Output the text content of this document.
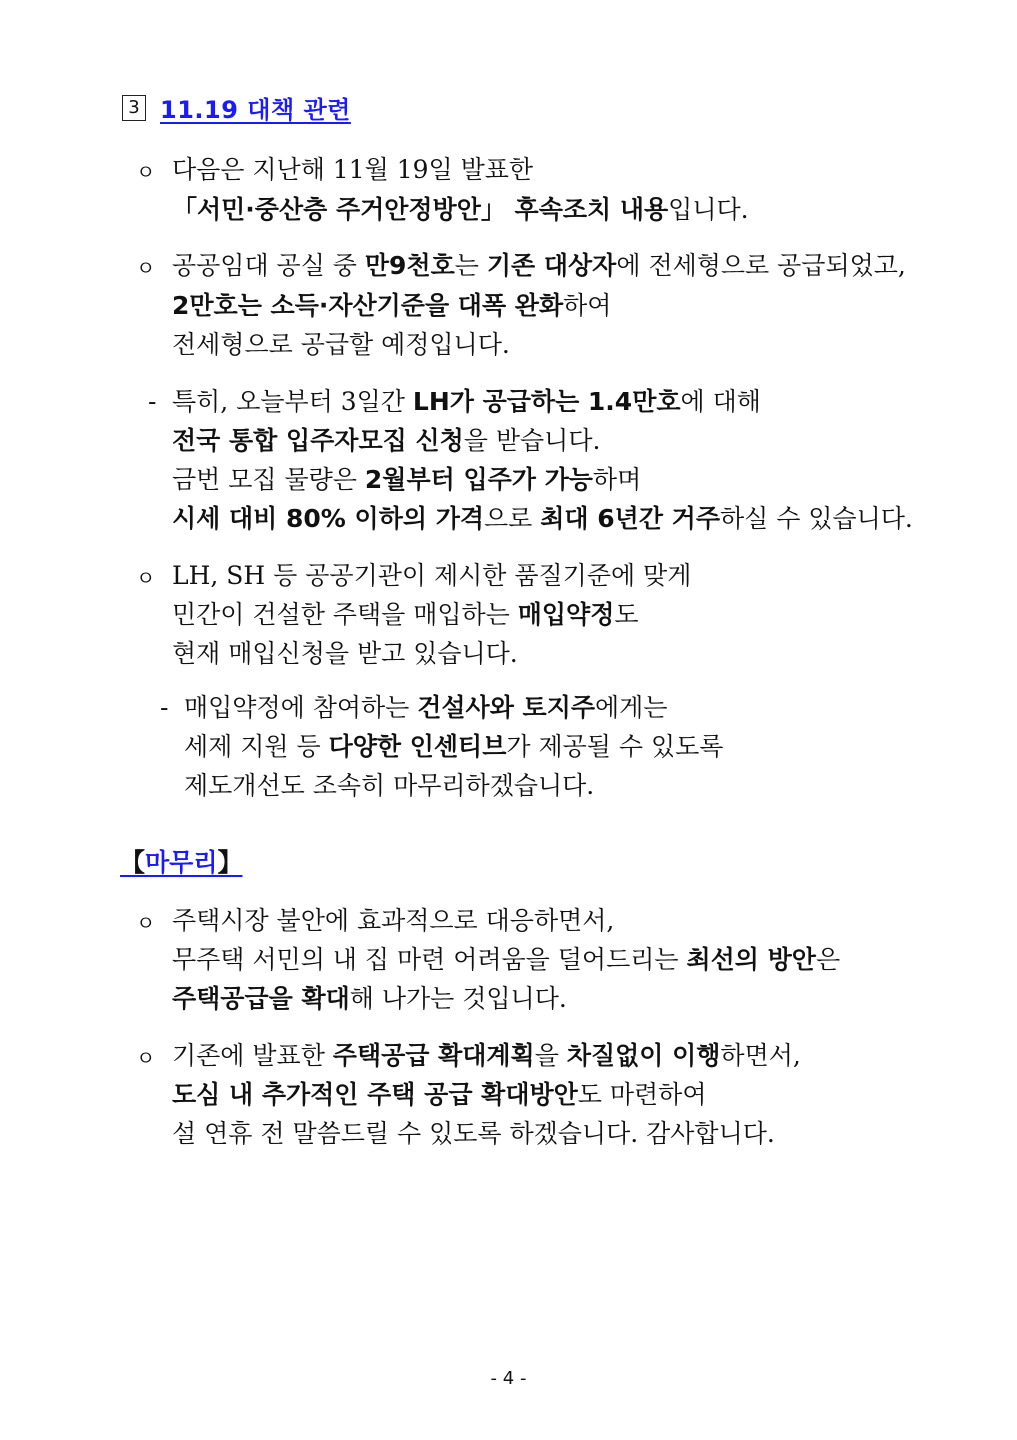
3 11.19 대책 관련
ㅇ 다음은 지난해 11월 19일 발표한
「서민·중산층 주거안정방안」 후속조치 내용입니다.
ㅇ 공공임대 공실 중 만9천호는 기존 대상자에 전세형으로 공급되었고,
2만호는 소득·자산기준을 대폭 완화하여
전세형으로 공급할 예정입니다.
- 특히, 오늘부터 3일간 LH가 공급하는 1.4만호에 대해
전국 통합 입주자모집 신청을 받습니다.
금번 모집 물량은 2월부터 입주가 가능하며
시세 대비 80% 이하의 가격으로 최대 6년간 거주하실 수 있습니다.
ㅇ LH, SH 등 공공기관이 제시한 품질기준에 맞게
민간이 건설한 주택을 매입하는 매입약정도
현재 매입신청을 받고 있습니다.
- 매입약정에 참여하는 건설사와 토지주에게는
세제 지원 등 다양한 인센티브가 제공될 수 있도록
제도개선도 조속히 마무리하겠습니다.
【마무리】
ㅇ 주택시장 불안에 효과적으로 대응하면서,
무주택 서민의 내 집 마련 어려움을 덜어드리는 최선의 방안은
주택공급을 확대해 나가는 것입니다.
ㅇ 기존에 발표한 주택공급 확대계획을 차질없이 이행하면서,
도심 내 추가적인 주택 공급 확대방안도 마련하여
설 연휴 전 말씀드릴 수 있도록 하겠습니다. 감사합니다.
- 4 -
